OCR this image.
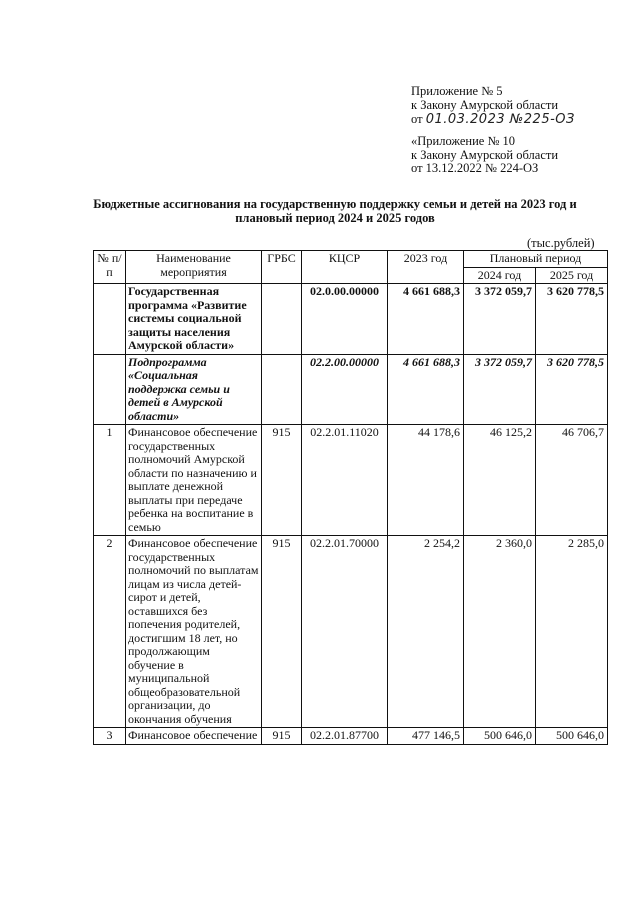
Приложение № 5
к Закону Амурской области
от 01.03.2023 №225-ОЗ
«Приложение № 10
к Закону Амурской области
от 13.12.2022 № 224-ОЗ
Бюджетные ассигнования на государственную поддержку семьи и детей на 2023 год и
плановый период 2024 и 2025 годов
(тыс.рублей)
№ п/п	Наименование мероприятия	ГРБС	КЦСР	2023 год	Плановый период	
					2024 год	2025 год
	Государственная программа «Развитие системы социальной защиты населения Амурской области»		02.0.00.00000	4 661 688,3	3 372 059,7	3 620 778,5
	Подпрограмма «Социальная поддержка семьи и детей в Амурской области»		02.2.00.00000	4 661 688,3	3 372 059,7	3 620 778,5
1	Финансовое обеспечение государственных полномочий Амурской области по назначению и выплате денежной выплаты при передаче ребенка на воспитание в семью	915	02.2.01.11020	44 178,6	46 125,2	46 706,7
2	Финансовое обеспечение государственных полномочий по выплатам лицам из числа детей-сирот и детей, оставшихся без попечения родителей, достигшим 18 лет, но продолжающим обучение в муниципальной общеобразовательной организации, до окончания обучения	915	02.2.01.70000	2 254,2	2 360,0	2 285,0
3	Финансовое обеспечение	915	02.2.01.87700	477 146,5	500 646,0	500 646,0
